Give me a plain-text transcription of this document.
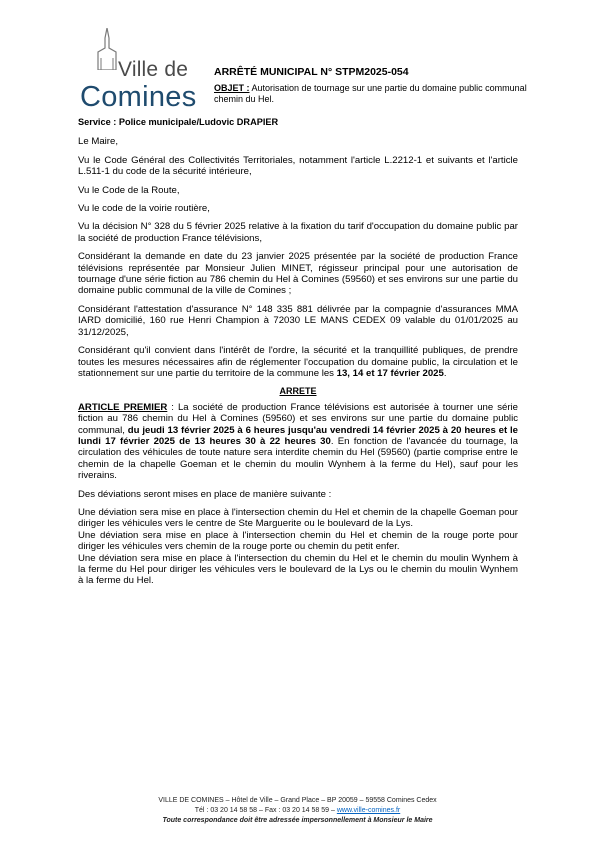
Ville de
Comines

ARRÊTÉ MUNICIPAL N° STPM2025-054

OBJET : Autorisation de tournage sur une partie du domaine public communal chemin du Hel.

Service : Police municipale/Ludovic DRAPIER

Le Maire,

Vu le Code Général des Collectivités Territoriales, notamment l'article L.2212-1 et suivants et l'article L.511-1 du code de la sécurité intérieure,

Vu le Code de la Route,

Vu le code de la voirie routière,

Vu la décision N° 328 du 5 février 2025 relative à la fixation du tarif d'occupation du domaine public par la société de production France télévisions,

Considérant la demande en date du 23 janvier 2025 présentée par la société de production France télévisions représentée par Monsieur Julien MINET, régisseur principal pour une autorisation de tournage d'une série fiction au 786 chemin du Hel à Comines (59560) et ses environs sur une partie du domaine public communal de la ville de Comines ;

Considérant l'attestation d'assurance N° 148 335 881 délivrée par la compagnie d'assurances MMA IARD domicilié, 160 rue Henri Champion à 72030 LE MANS CEDEX 09 valable du 01/01/2025 au 31/12/2025,

Considérant qu'il convient dans l'intérêt de l'ordre, la sécurité et la tranquillité publiques, de prendre toutes les mesures nécessaires afin de réglementer l'occupation du domaine public, la circulation et le stationnement sur une partie du territoire de la commune les 13, 14 et 17 février 2025.

ARRETE

ARTICLE PREMIER : La société de production France télévisions est autorisée à tourner une série fiction au 786 chemin du Hel à Comines (59560) et ses environs sur une partie du domaine public communal, du jeudi 13 février 2025 à 6 heures jusqu'au vendredi 14 février 2025 à 20 heures et le lundi 17 février 2025 de 13 heures 30 à 22 heures 30. En fonction de l'avancée du tournage, la circulation des véhicules de toute nature sera interdite chemin du Hel (59560) (partie comprise entre le chemin de la chapelle Goeman et le chemin du moulin Wynhem à la ferme du Hel), sauf pour les riverains.

Des déviations seront mises en place de manière suivante :

Une déviation sera mise en place à l'intersection chemin du Hel et chemin de la chapelle Goeman pour diriger les véhicules vers le centre de Ste Marguerite ou le boulevard de la Lys.

Une déviation sera mise en place à l'intersection chemin du Hel et chemin de la rouge porte pour diriger les véhicules vers chemin de la rouge porte ou chemin du petit enfer.

Une déviation sera mise en place à l'intersection du chemin du Hel et le chemin du moulin Wynhem à la ferme du Hel pour diriger les véhicules vers le boulevard de la Lys ou le chemin du moulin Wynhem à la ferme du Hel.

VILLE DE COMINES – Hôtel de Ville – Grand Place – BP 20059 – 59558 Comines Cedex
Tél : 03 20 14 58 58 – Fax : 03 20 14 58 59 – www.ville-comines.fr
Toute correspondance doit être adressée impersonnellement à Monsieur le Maire
